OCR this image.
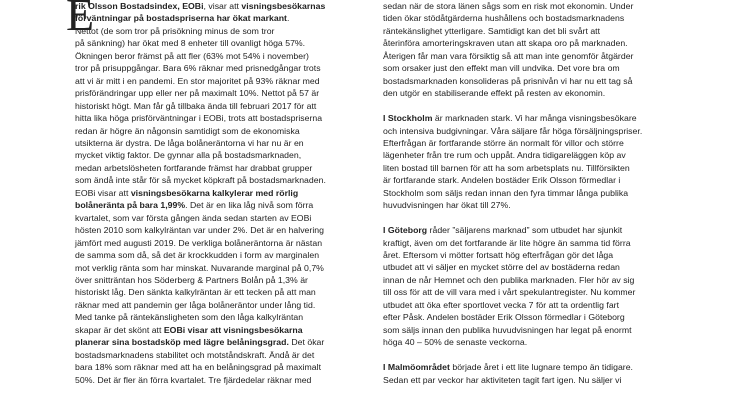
E

rik Olsson Bostadsindex, EOBi, visar att visningsbesökarnas

förväntningar på bostadspriserna har ökat markant.

Nettot (de som tror på prisökning minus de som tror

på sänkning) har ökat med 8 enheter till ovanligt höga 57%.

Ökningen beror främst på att fler (63% mot 54% i november)

tror på prisuppgångar. Bara 6% räknar med prisnedgångar trots

att vi är mitt i en pandemi. En stor majoritet på 93% räknar med

prisförändringar upp eller ner på maximalt 10%. Nettot på 57 är

historiskt högt. Man får gå tillbaka ända till februari 2017 för att

hitta lika höga prisförväntningar i EOBi, trots att bostadspriserna

redan är högre än någonsin samtidigt som de ekonomiska

utsikterna är dystra. De låga bolåneräntorna vi har nu är en

mycket viktig faktor. De gynnar alla på bostadsmarknaden,

medan arbetslösheten fortfarande främst har drabbat grupper

som ändå inte står för så mycket köpkraft på bostadsmarknaden.

EOBi visar att visningsbesökarna kalkylerar med rörlig

bolåneränta på bara 1,99%. Det är en lika låg nivå som förra

kvartalet, som var första gången ända sedan starten av EOBi

hösten 2010 som kalkylräntan var under 2%. Det är en halvering

jämfört med augusti 2019. De verkliga bolåneräntorna är nästan

de samma som då, så det är krockkudden i form av marginalen

mot verklig ränta som har minskat. Nuvarande marginal på 0,7%

över snitträntan hos Söderberg & Partners Bolån på 1,3% är

historiskt låg. Den sänkta kalkylräntan är ett tecken på att man

räknar med att pandemin ger låga bolåneräntor under lång tid.

Med tanke på räntekänsligheten som den låga kalkylräntan

skapar är det skönt att EOBi visar att visningsbesökarna

planerar sina bostadsköp med lägre belåningsgrad. Det ökar

bostadsmarknadens stabilitet och motståndskraft. Ändå är det

bara 18% som räknar med att ha en belåningsgrad på maximalt

50%. Det är fler än förra kvartalet. Tre fjärdedelar räknar med

sedan när de stora länen sågs som en risk mot ekonomin. Under

tiden ökar stödåtgärderna hushållens och bostadsmarknadens

räntekänslighet ytterligare. Samtidigt kan det bli svårt att

återinföra amorteringskraven utan att skapa oro på marknaden.

Återigen får man vara försiktig så att man inte genomför åtgärder

som orsaker just den effekt man vill undvika. Det vore bra om

bostadsmarknaden konsolideras på prisnivån vi har nu ett tag så

den utgör en stabiliserande effekt på resten av ekonomin.

I Stockholm är marknaden stark. Vi har många visningsbesökare

och intensiva budgivningar. Våra säljare får höga försäljningspriser.

Efterfrågan är fortfarande större än normalt för villor och större

lägenheter från tre rum och uppåt. Andra tidigareläggen köp av

liten bostad till barnen för att ha som arbetsplats nu. Tillförsikten

är fortfarande stark. Andelen bostäder Erik Olsson förmedlar i

Stockholm som säljs redan innan den fyra timmar långa publika

huvudvisningen har ökat till 27%.

I Göteborg råder ”säljarens marknad” som utbudet har sjunkit

kraftigt, även om det fortfarande är lite högre än samma tid förra

året. Eftersom vi mötter fortsatt hög efterfrågan gör det låga

utbudet att vi säljer en mycket större del av bostäderna redan

innan de når Hemnet och den publika marknaden. Fler hör av sig

till oss för att de vill vara med i vårt spekulantregister. Nu kommer

utbudet att öka efter sportlovet vecka 7 för att ta ordentlig fart

efter Påsk. Andelen bostäder Erik Olsson förmedlar i Göteborg

som säljs innan den publika huvudvisningen har legat på enormt

höga 40 – 50% de senaste veckorna.

I Malmöområdet började året i ett lite lugnare tempo än tidigare.

Sedan ett par veckor har aktiviteten tagit fart igen. Nu säljer vi
